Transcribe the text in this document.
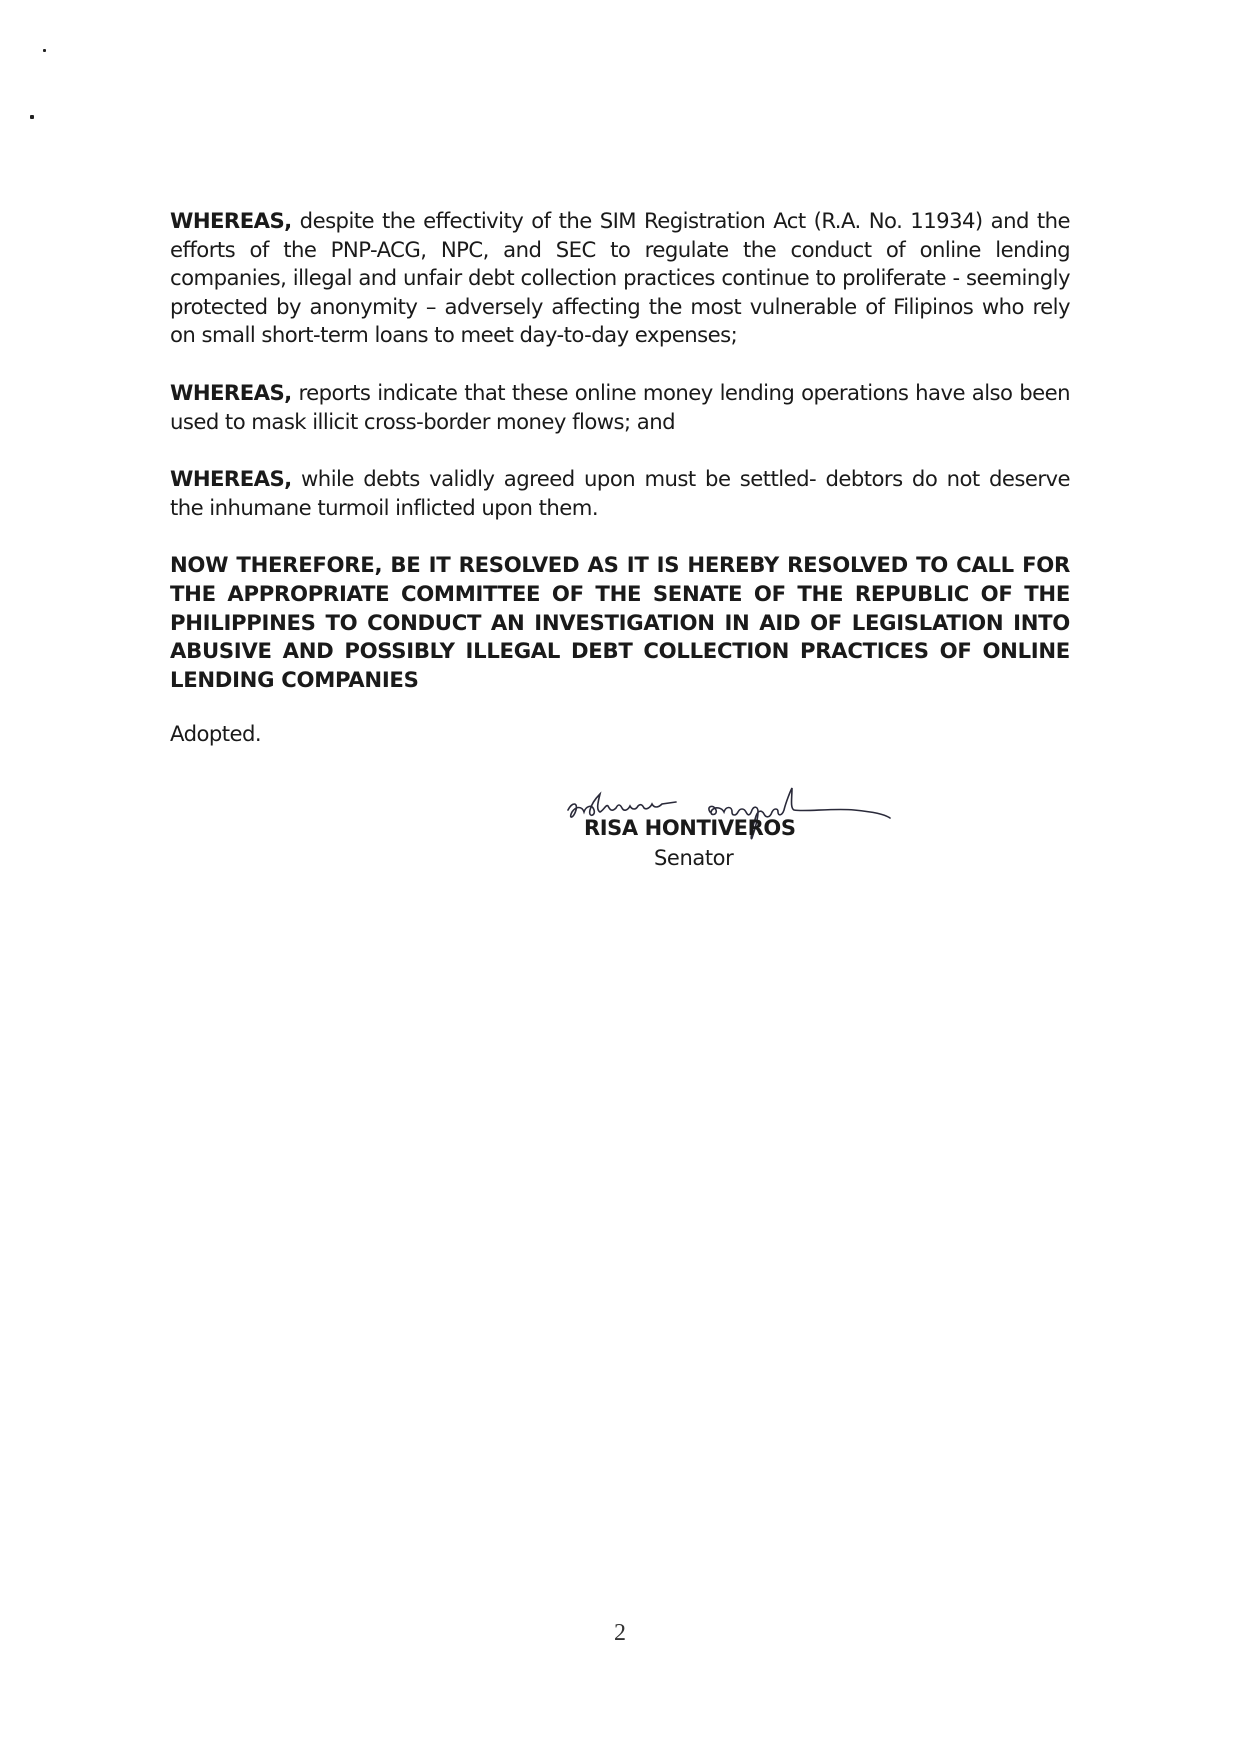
WHEREAS, despite the effectivity of the SIM Registration Act (R.A. No. 11934) and the efforts of the PNP-ACG, NPC, and SEC to regulate the conduct of online lending companies, illegal and unfair debt collection practices continue to proliferate - seemingly protected by anonymity – adversely affecting the most vulnerable of Filipinos who rely on small short-term loans to meet day-to-day expenses;

WHEREAS, reports indicate that these online money lending operations have also been used to mask illicit cross-border money flows; and

WHEREAS, while debts validly agreed upon must be settled- debtors do not deserve the inhumane turmoil inflicted upon them.

NOW THEREFORE, BE IT RESOLVED AS IT IS HEREBY RESOLVED TO CALL FOR THE APPROPRIATE COMMITTEE OF THE SENATE OF THE REPUBLIC OF THE PHILIPPINES TO CONDUCT AN INVESTIGATION IN AID OF LEGISLATION INTO ABUSIVE AND POSSIBLY ILLEGAL DEBT COLLECTION PRACTICES OF ONLINE LENDING COMPANIES

Adopted.

RISA HONTIVEROS
Senator
2
